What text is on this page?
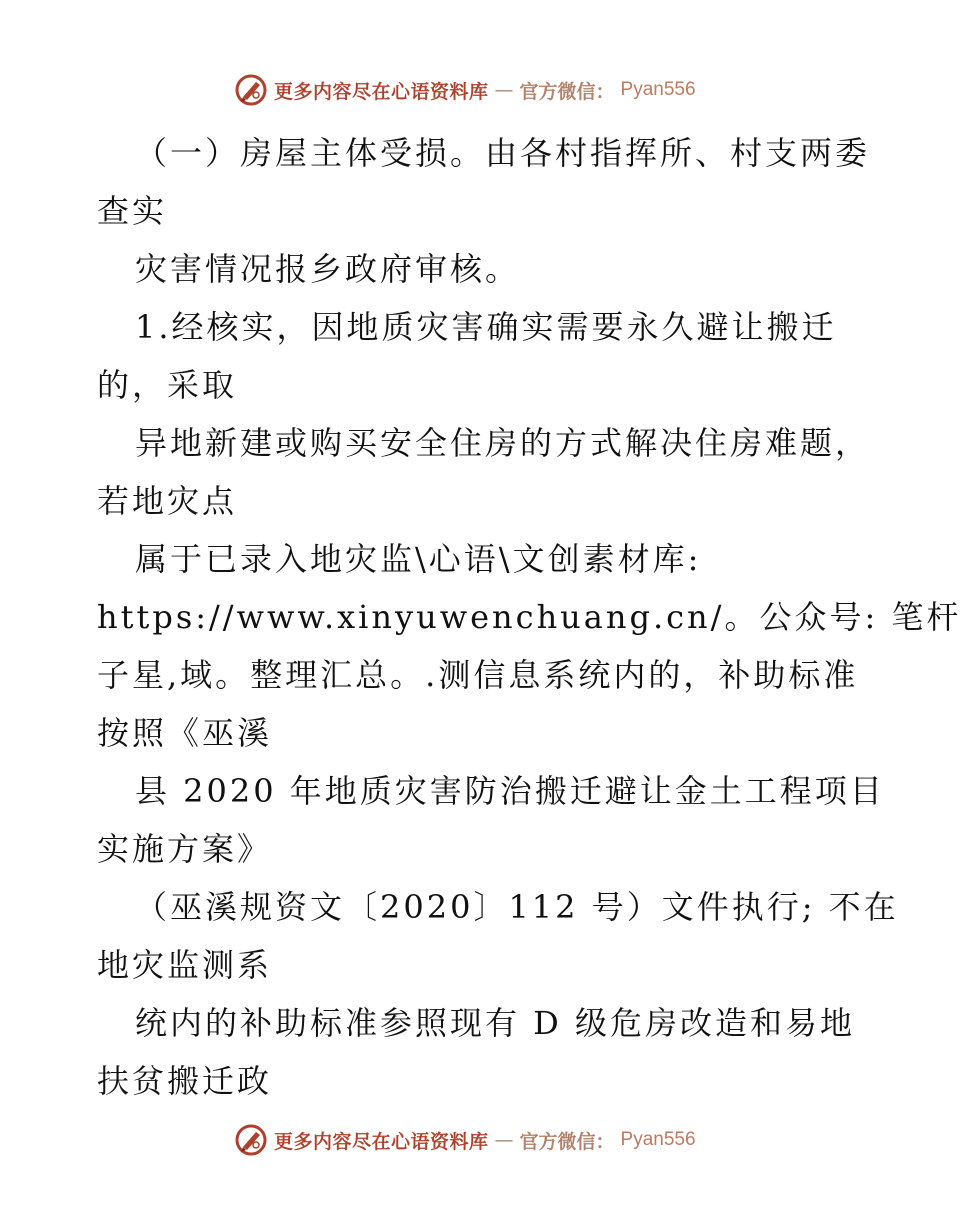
更多内容尽在心语资料库 — 官方微信： Pyan556
（一）房屋主体受损。由各村指挥所、村支两委
查实
灾害情况报乡政府审核。
1.经核实，因地质灾害确实需要永久避让搬迁
的，采取
异地新建或购买安全住房的方式解决住房难题，
若地灾点
属于已录入地灾监\心语\文创素材库:
https://www.xinyuwenchuang.cn/。公众号: 笔杆
子星,域。整理汇总。.测信息系统内的，补助标准
按照《巫溪
县 2020 年地质灾害防治搬迁避让金土工程项目
实施方案》
（巫溪规资文〔2020〕112 号）文件执行; 不在
地灾监测系
统内的补助标准参照现有 D 级危房改造和易地
扶贫搬迁政
更多内容尽在心语资料库 — 官方微信： Pyan556
